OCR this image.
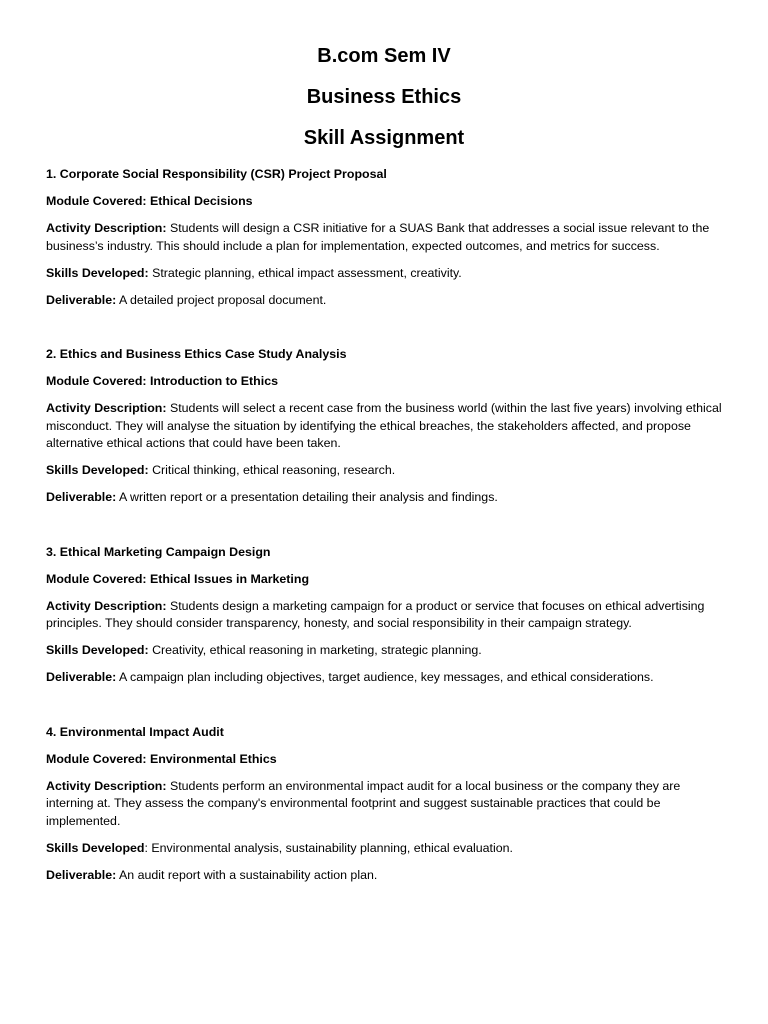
B.com Sem IV
Business Ethics
Skill Assignment

1. Corporate Social Responsibility (CSR) Project Proposal

Module Covered: Ethical Decisions

Activity Description: Students will design a CSR initiative for a SUAS Bank that addresses a social issue relevant to the business’s industry. This should include a plan for implementation, expected outcomes, and metrics for success.

Skills Developed: Strategic planning, ethical impact assessment, creativity.

Deliverable: A detailed project proposal document.

2. Ethics and Business Ethics Case Study Analysis

Module Covered: Introduction to Ethics

Activity Description: Students will select a recent case from the business world (within the last five years) involving ethical misconduct. They will analyse the situation by identifying the ethical breaches, the stakeholders affected, and propose alternative ethical actions that could have been taken.

Skills Developed: Critical thinking, ethical reasoning, research.

Deliverable: A written report or a presentation detailing their analysis and findings.

3. Ethical Marketing Campaign Design

Module Covered: Ethical Issues in Marketing

Activity Description: Students design a marketing campaign for a product or service that focuses on ethical advertising principles. They should consider transparency, honesty, and social responsibility in their campaign strategy.

Skills Developed: Creativity, ethical reasoning in marketing, strategic planning.

Deliverable: A campaign plan including objectives, target audience, key messages, and ethical considerations.

4. Environmental Impact Audit

Module Covered: Environmental Ethics

Activity Description: Students perform an environmental impact audit for a local business or the company they are interning at. They assess the company's environmental footprint and suggest sustainable practices that could be implemented.

Skills Developed: Environmental analysis, sustainability planning, ethical evaluation.

Deliverable: An audit report with a sustainability action plan.
